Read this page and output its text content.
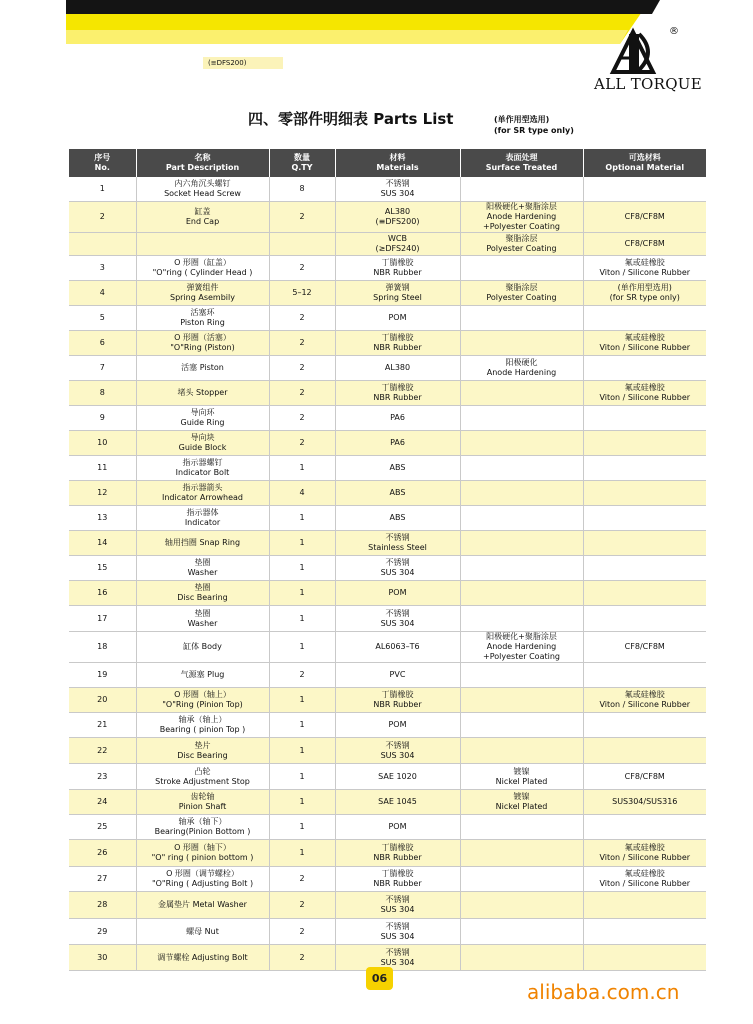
(≡DFS200)
®
ALL TORQUE
四、零部件明细表 Parts List	(单作用型选用)
(for SR type only)
序号
No.	名称
Part Description	数量
Q.TY	材料
Materials	表面处理
Surface Treated	可选材料
Optional Material

1	内六角沉头螺钉
Socket Head Screw	8	不锈钢
SUS 304		

2	缸盖
End Cap	2	AL380
(≡DFS200)	阳极硬化+聚脂涂层
Anode Hardening
+Polyester Coating	CF8/CF8M

			WCB
(≥DFS240)	聚脂涂层
Polyester Coating	CF8/CF8M

3	O 形圈（缸盖）
"O"ring ( Cylinder Head )	2	丁腈橡胶
NBR Rubber		氟或硅橡胶
Viton / Silicone Rubber

4	弹簧组件
Spring Asembily	5–12	弹簧钢
Spring Steel	聚脂涂层
Polyester Coating	(单作用型选用)
(for SR type only)

5	活塞环
Piston Ring	2	POM		

6	O 形圈（活塞）
"O"Ring (Piston)	2	丁腈橡胶
NBR Rubber		氟或硅橡胶
Viton / Silicone Rubber

7	活塞 Piston	2	AL380	阳极硬化
Anode Hardening	

8	堵头 Stopper	2	丁腈橡胶
NBR Rubber		氟或硅橡胶
Viton / Silicone Rubber

9	导向环
Guide Ring	2	PA6		

10	导向块
Guide Block	2	PA6		

11	指示器螺钉
Indicator Bolt	1	ABS		

12	指示器箭头
Indicator Arrowhead	4	ABS		

13	指示器体
Indicator	1	ABS		

14	轴用挡圈 Snap Ring	1	不锈钢
Stainless Steel		

15	垫圈
Washer	1	不锈钢
SUS 304		

16	垫圈
Disc Bearing	1	POM		

17	垫圈
Washer	1	不锈钢
SUS 304		

18	缸体 Body	1	AL6063–T6	阳极硬化+聚脂涂层
Anode Hardening
+Polyester Coating	CF8/CF8M

19	气源塞 Plug	2	PVC		

20	O 形圈（轴上）
"O"Ring (Pinion Top)	1	丁腈橡胶
NBR Rubber		氟或硅橡胶
Viton / Silicone Rubber

21	轴承（轴上）
Bearing ( pinion Top )	1	POM		

22	垫片
Disc Bearing	1	不锈钢
SUS 304		

23	凸轮
Stroke Adjustment Stop	1	SAE 1020	镀镍
Nickel Plated	CF8/CF8M

24	齿轮轴
Pinion Shaft	1	SAE 1045	镀镍
Nickel Plated	SUS304/SUS316

25	轴承（轴下）
Bearing(Pinion Bottom )	1	POM		

26	O 形圈（轴下）
"O" ring ( pinion bottom )	1	丁腈橡胶
NBR Rubber		氟或硅橡胶
Viton / Silicone Rubber

27	O 形圈（调节螺栓）
"O"Ring ( Adjusting Bolt )	2	丁腈橡胶
NBR Rubber		氟或硅橡胶
Viton / Silicone Rubber

28	金属垫片 Metal Washer	2	不锈钢
SUS 304		

29	螺母 Nut	2	不锈钢
SUS 304		

30	调节螺栓 Adjusting Bolt	2	不锈钢
SUS 304		

06
alibaba.com.cn
